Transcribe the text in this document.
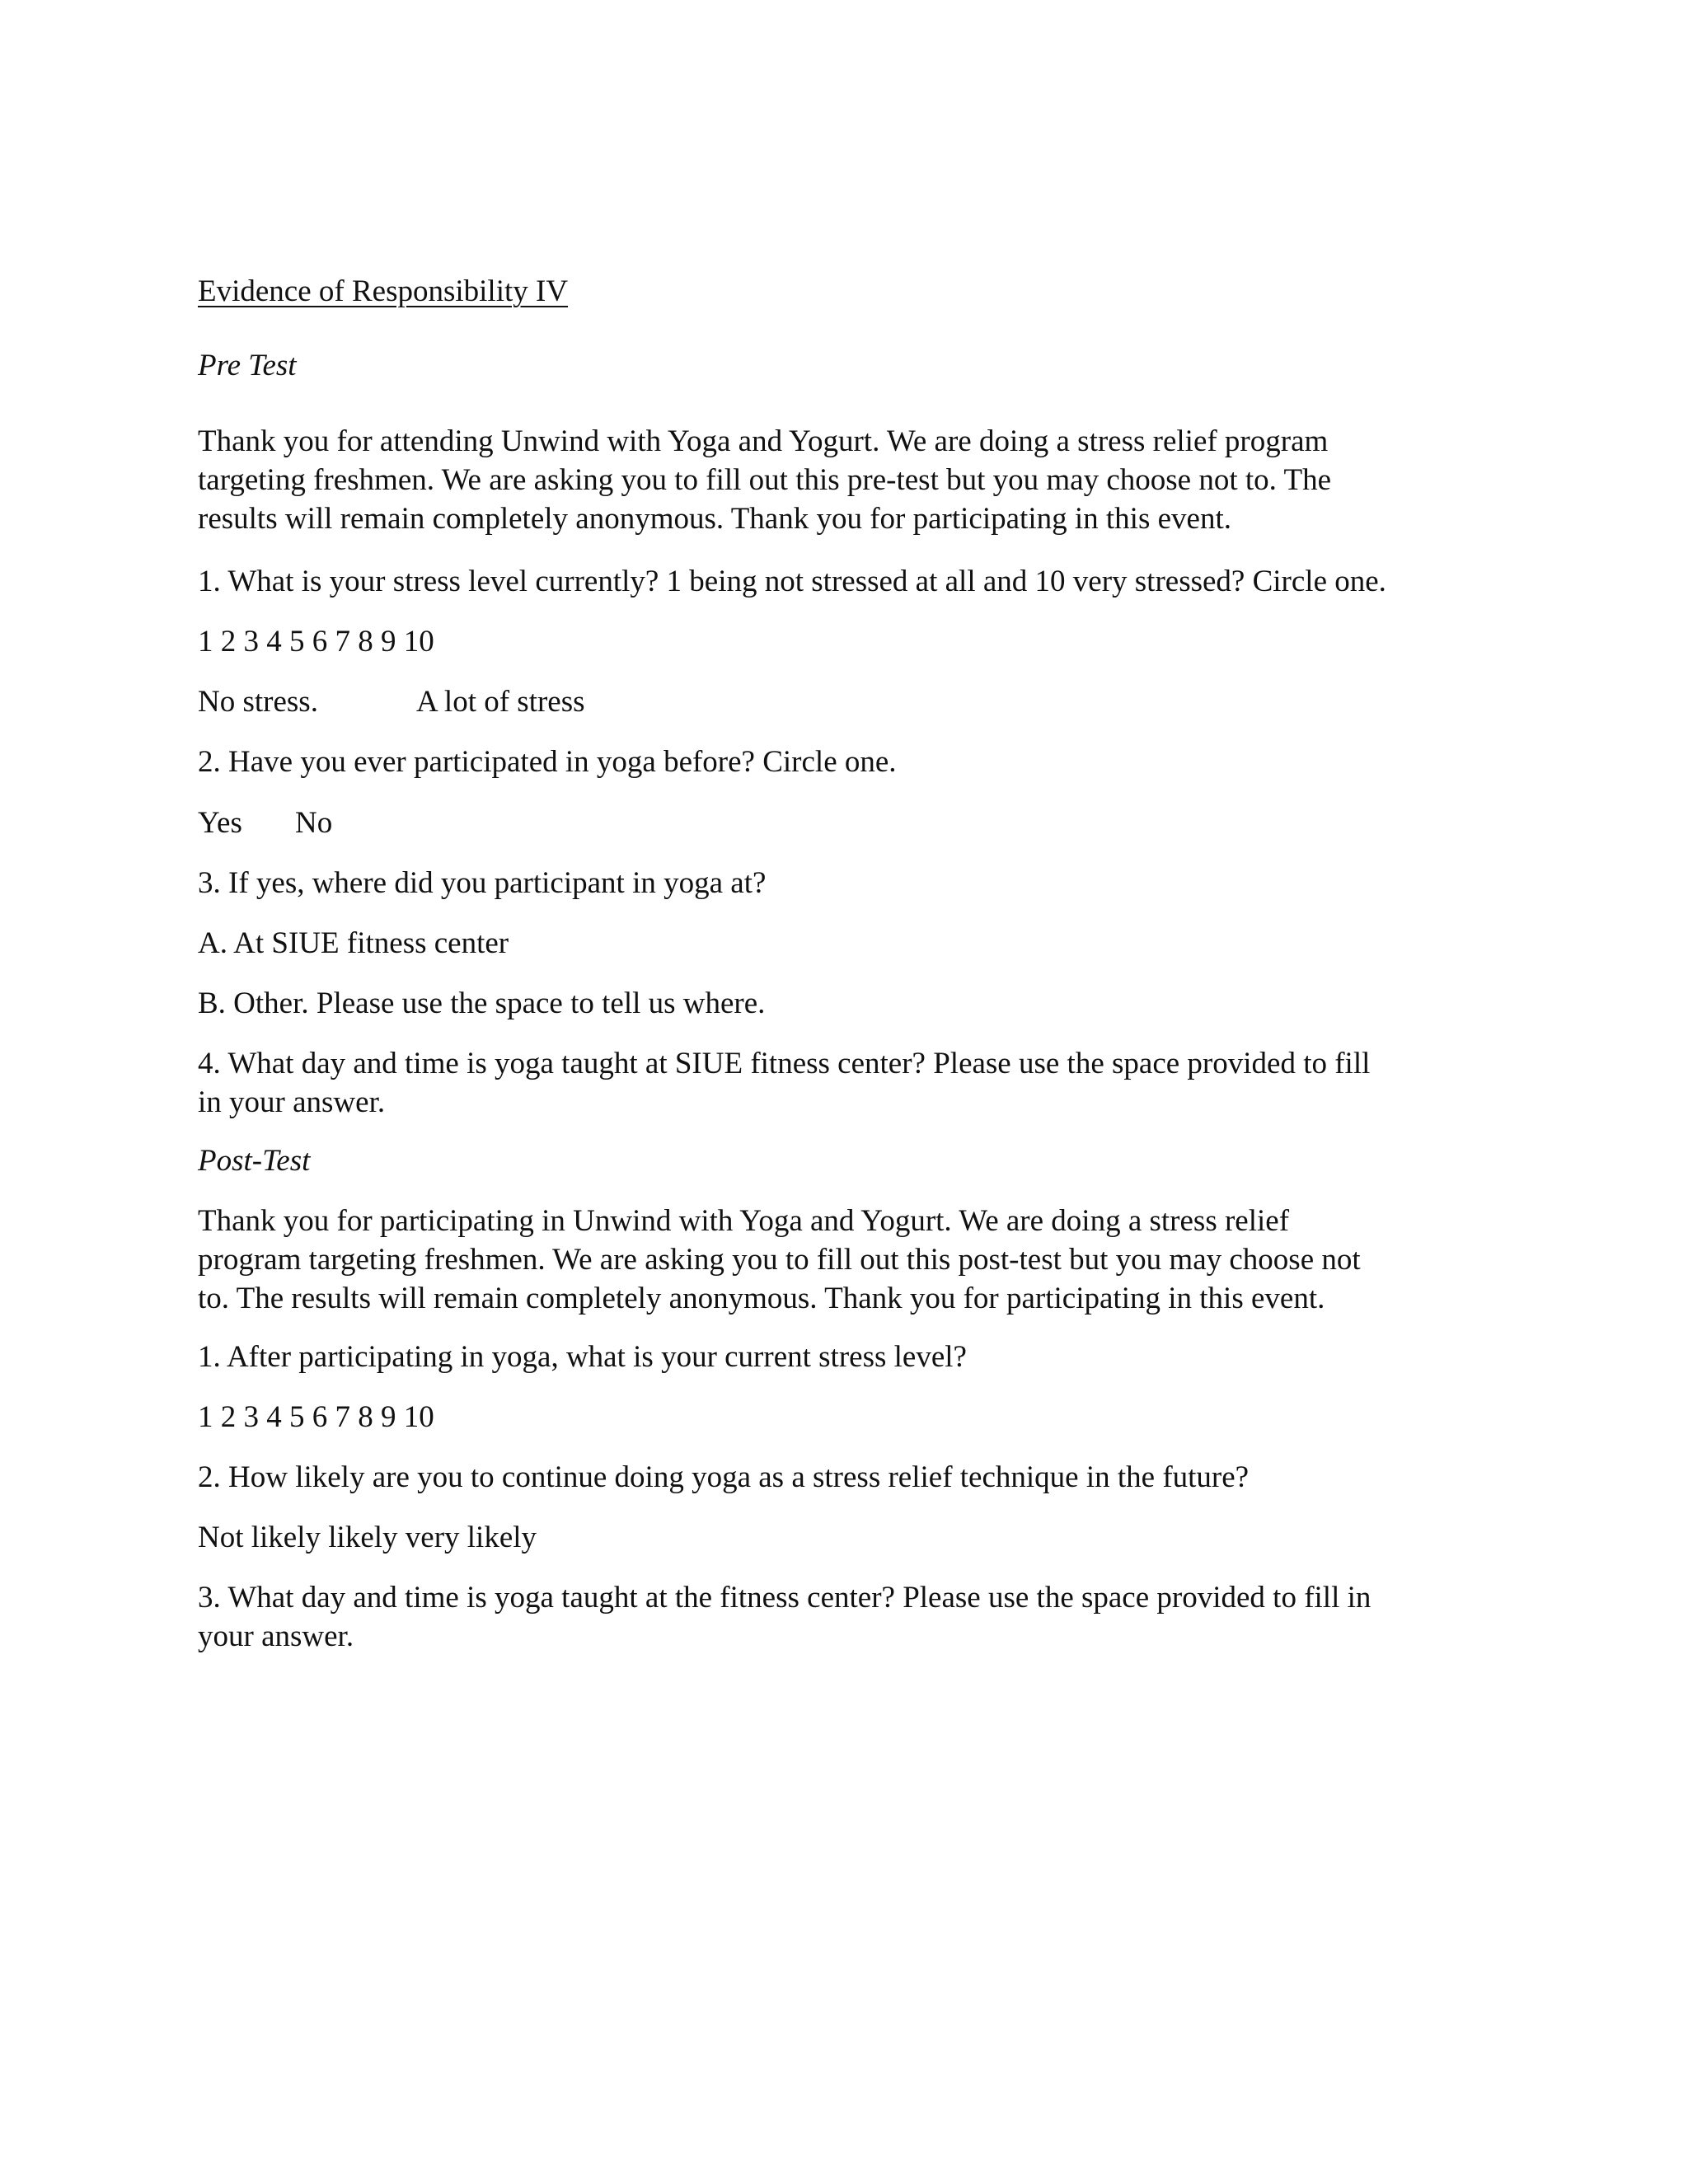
Evidence of Responsibility IV
Pre Test
Thank you for attending Unwind with Yoga and Yogurt. We are doing a stress relief program
targeting freshmen. We are asking you to fill out this pre-test but you may choose not to. The
results will remain completely anonymous. Thank you for participating in this event.
1. What is your stress level currently? 1 being not stressed at all and 10 very stressed? Circle one.
1 2 3 4 5 6 7 8 9 10
No stress.	A lot of stress
2. Have you ever participated in yoga before? Circle one.
Yes No
3. If yes, where did you participant in yoga at?
A. At SIUE fitness center
B. Other. Please use the space to tell us where.
4. What day and time is yoga taught at SIUE fitness center? Please use the space provided to fill
in your answer.
Post-Test
Thank you for participating in Unwind with Yoga and Yogurt. We are doing a stress relief
program targeting freshmen. We are asking you to fill out this post-test but you may choose not
to. The results will remain completely anonymous. Thank you for participating in this event.
1. After participating in yoga, what is your current stress level?
1 2 3 4 5 6 7 8 9 10
2. How likely are you to continue doing yoga as a stress relief technique in the future?
Not likely likely very likely
3. What day and time is yoga taught at the fitness center? Please use the space provided to fill in
your answer.
